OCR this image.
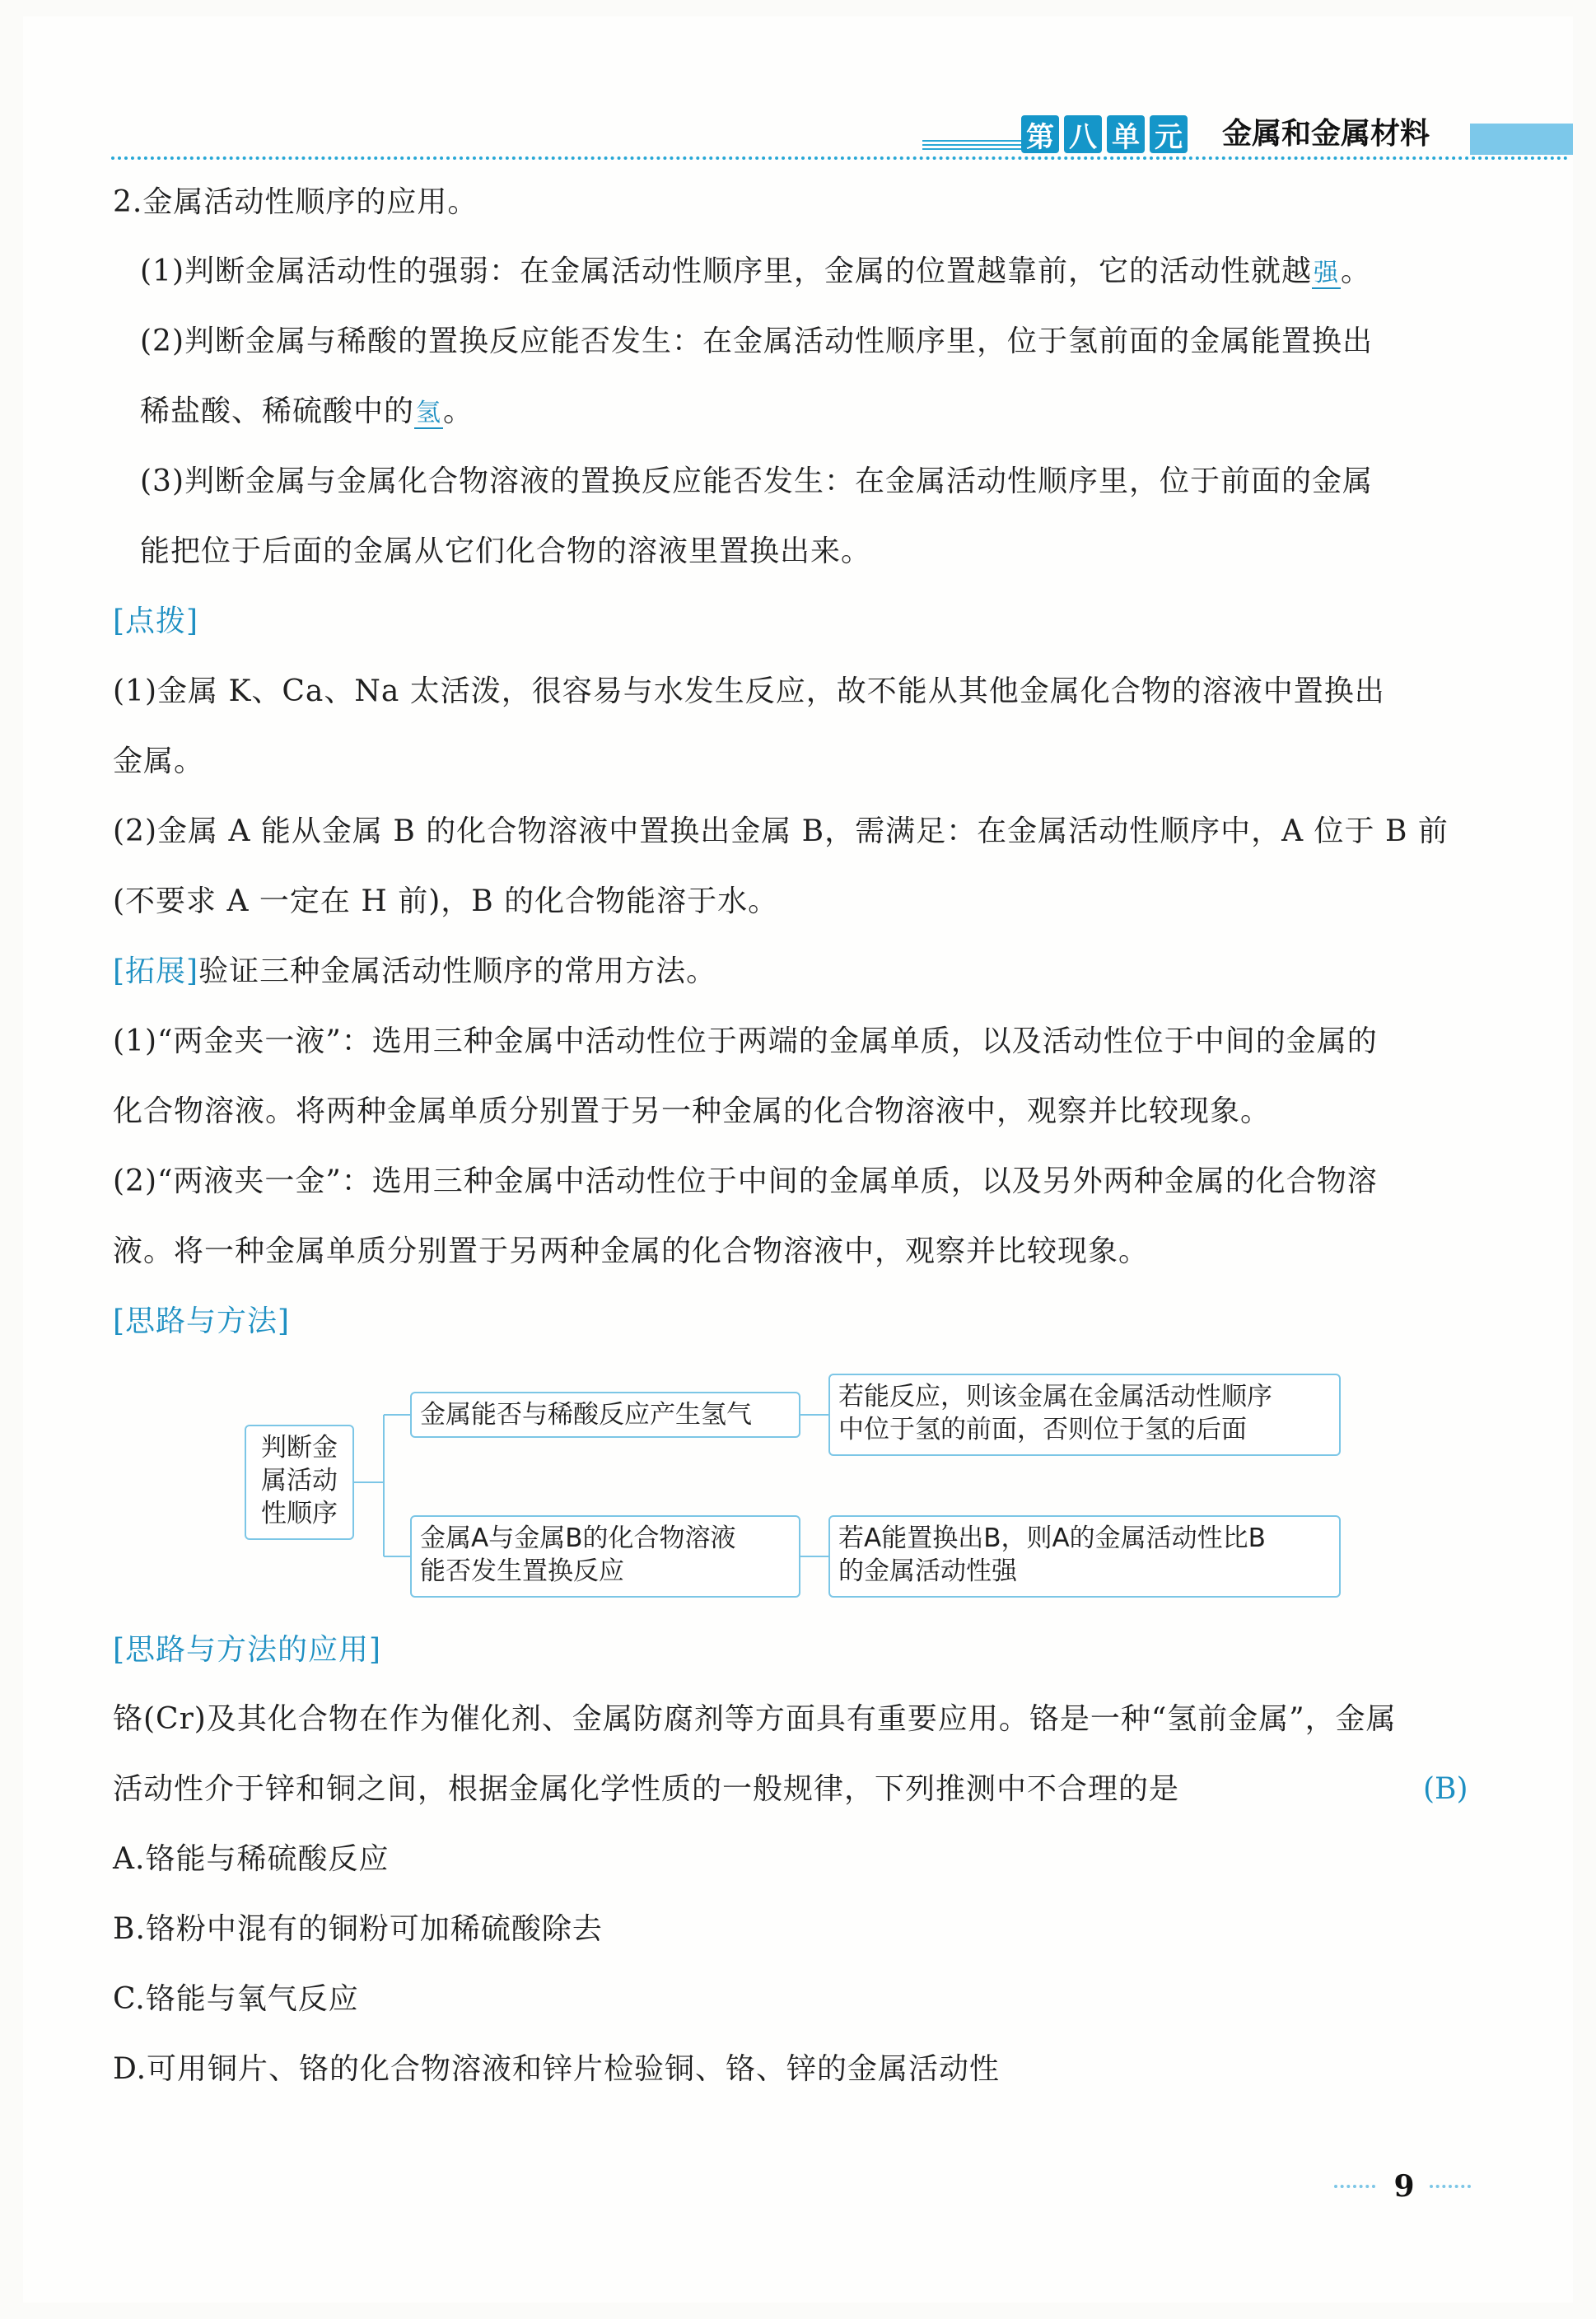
第 八 单 元 金属和金属材料
2.金属活动性顺序的应用。
(1)判断金属活动性的强弱：在金属活动性顺序里，金属的位置越靠前，它的活动性就越强。
(2)判断金属与稀酸的置换反应能否发生：在金属活动性顺序里，位于氢前面的金属能置换出
稀盐酸、稀硫酸中的氢。
(3)判断金属与金属化合物溶液的置换反应能否发生：在金属活动性顺序里，位于前面的金属
能把位于后面的金属从它们化合物的溶液里置换出来。
[点拨]
(1)金属 K、Ca、Na 太活泼，很容易与水发生反应，故不能从其他金属化合物的溶液中置换出
金属。
(2)金属 A 能从金属 B 的化合物溶液中置换出金属 B，需满足：在金属活动性顺序中，A 位于 B 前
(不要求 A 一定在 H 前)，B 的化合物能溶于水。
[拓展]验证三种金属活动性顺序的常用方法。
(1)“两金夹一液”：选用三种金属中活动性位于两端的金属单质，以及活动性位于中间的金属的
化合物溶液。将两种金属单质分别置于另一种金属的化合物溶液中，观察并比较现象。
(2)“两液夹一金”：选用三种金属中活动性位于中间的金属单质，以及另外两种金属的化合物溶
液。将一种金属单质分别置于另两种金属的化合物溶液中，观察并比较现象。
[思路与方法]
判断金
属活动
性顺序
金属能否与稀酸反应产生氢气
若能反应，则该金属在金属活动性顺序
中位于氢的前面，否则位于氢的后面
金属A与金属B的化合物溶液
能否发生置换反应
若A能置换出B，则A的金属活动性比B
的金属活动性强
[思路与方法的应用]
铬(Cr)及其化合物在作为催化剂、金属防腐剂等方面具有重要应用。铬是一种“氢前金属”，金属
活动性介于锌和铜之间，根据金属化学性质的一般规律，下列推测中不合理的是	(B)
A.铬能与稀硫酸反应
B.铬粉中混有的铜粉可加稀硫酸除去
C.铬能与氧气反应
D.可用铜片、铬的化合物溶液和锌片检验铜、铬、锌的金属活动性
9
